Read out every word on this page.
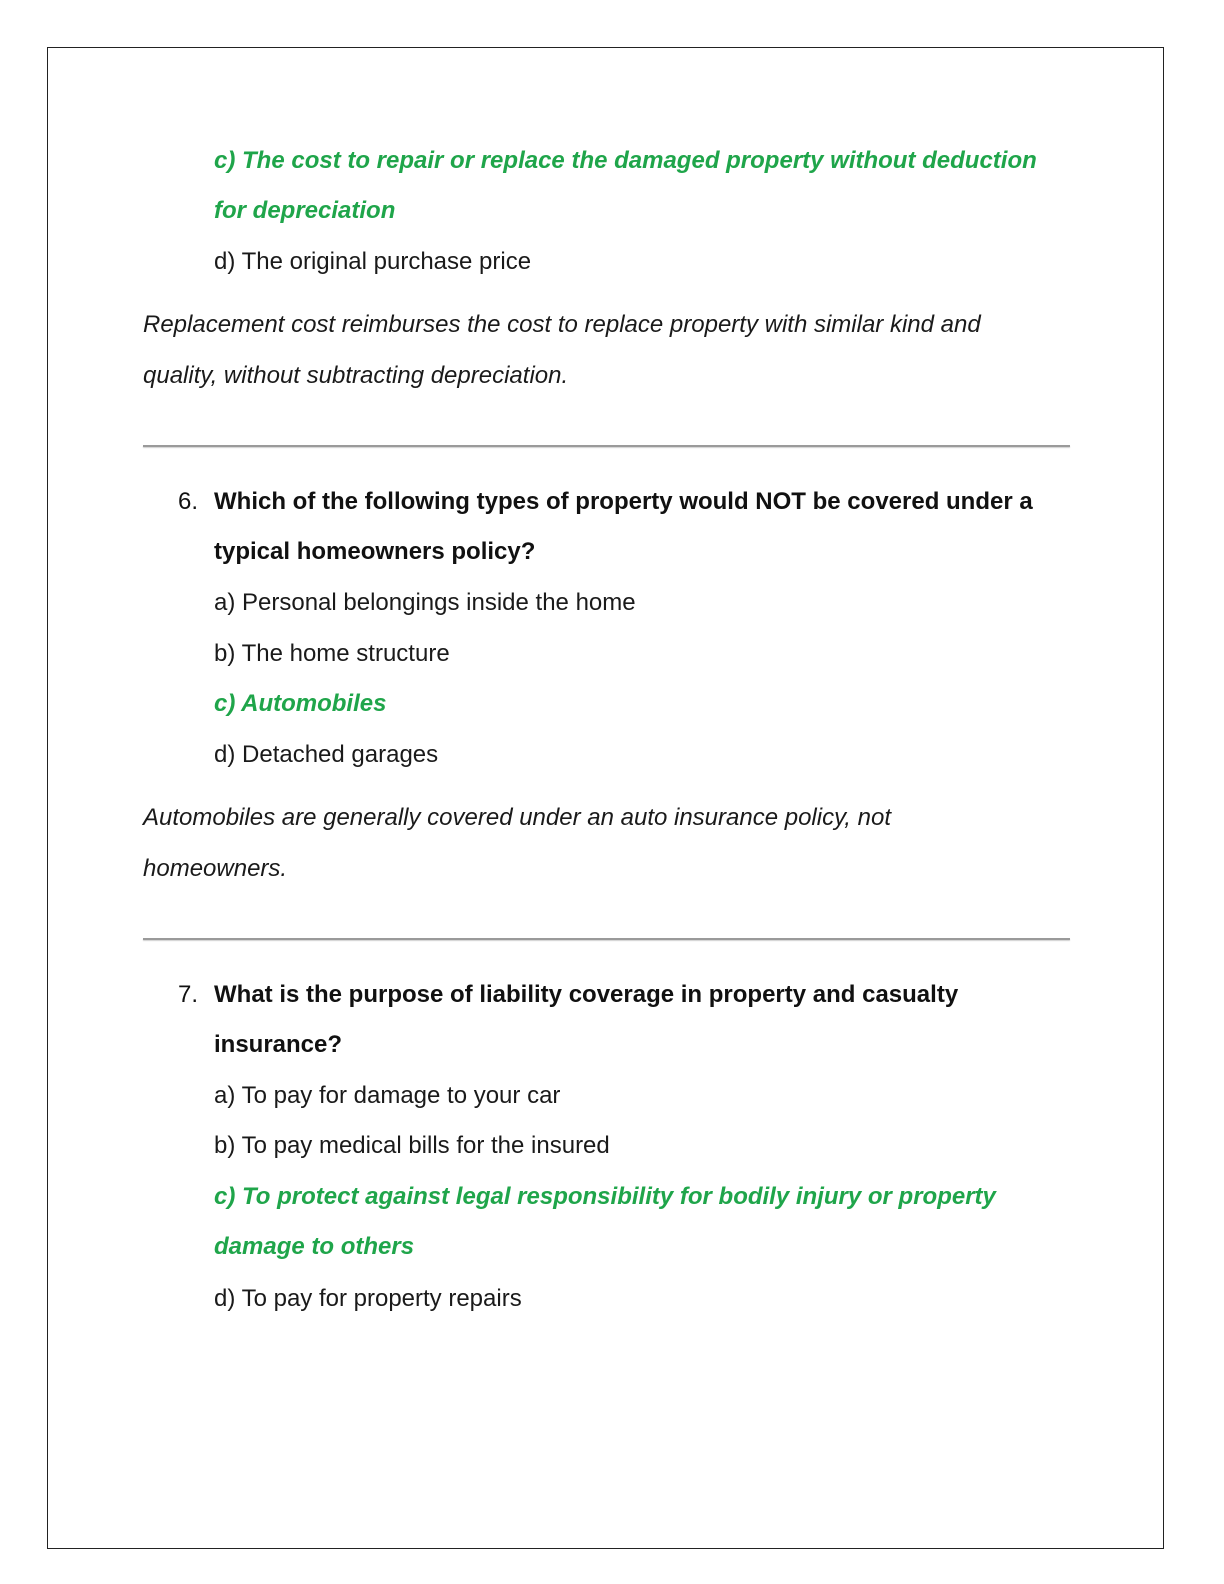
c) The cost to repair or replace the damaged property without deduction
for depreciation
d) The original purchase price
Replacement cost reimburses the cost to replace property with similar kind and
quality, without subtracting depreciation.
6. Which of the following types of property would NOT be covered under a
typical homeowners policy?
a) Personal belongings inside the home
b) The home structure
c) Automobiles
d) Detached garages
Automobiles are generally covered under an auto insurance policy, not
homeowners.
7. What is the purpose of liability coverage in property and casualty
insurance?
a) To pay for damage to your car
b) To pay medical bills for the insured
c) To protect against legal responsibility for bodily injury or property
damage to others
d) To pay for property repairs
